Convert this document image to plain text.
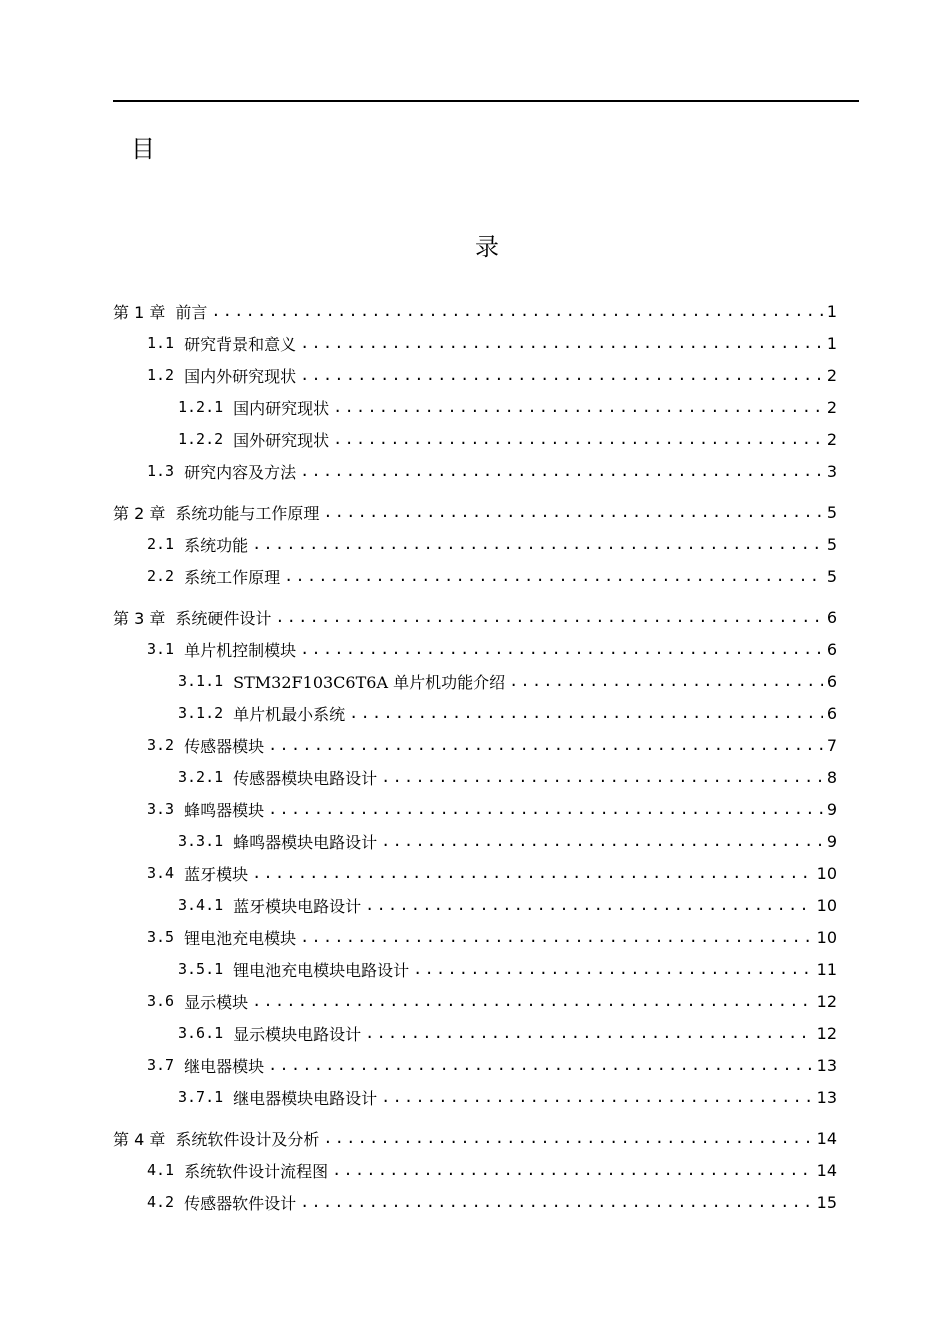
目
录
第 1 章 前言 .....	1
1.1 研究背景和意义 .....	1
1.2 国内外研究现状 .....	2
1.2.1 国内研究现状 .....	2
1.2.2 国外研究现状 .....	2
1.3 研究内容及方法 .....	3
第 2 章 系统功能与工作原理 .....	5
2.1 系统功能 .....	5
2.2 系统工作原理 .....	5
第 3 章 系统硬件设计 .....	6
3.1 单片机控制模块 .....	6
3.1.1 STM32F103C6T6A 单片机功能介绍 .....	6
3.1.2 单片机最小系统 .....	6
3.2 传感器模块 .....	7
3.2.1 传感器模块电路设计 .....	8
3.3 蜂鸣器模块 .....	9
3.3.1 蜂鸣器模块电路设计 .....	9
3.4 蓝牙模块 .....	10
3.4.1 蓝牙模块电路设计 .....	10
3.5 锂电池充电模块 .....	10
3.5.1 锂电池充电模块电路设计 .....	11
3.6 显示模块 .....	12
3.6.1 显示模块电路设计 .....	12
3.7 继电器模块 .....	13
3.7.1 继电器模块电路设计 .....	13
第 4 章 系统软件设计及分析 .....	14
4.1 系统软件设计流程图 .....	14
4.2 传感器软件设计 .....	15
